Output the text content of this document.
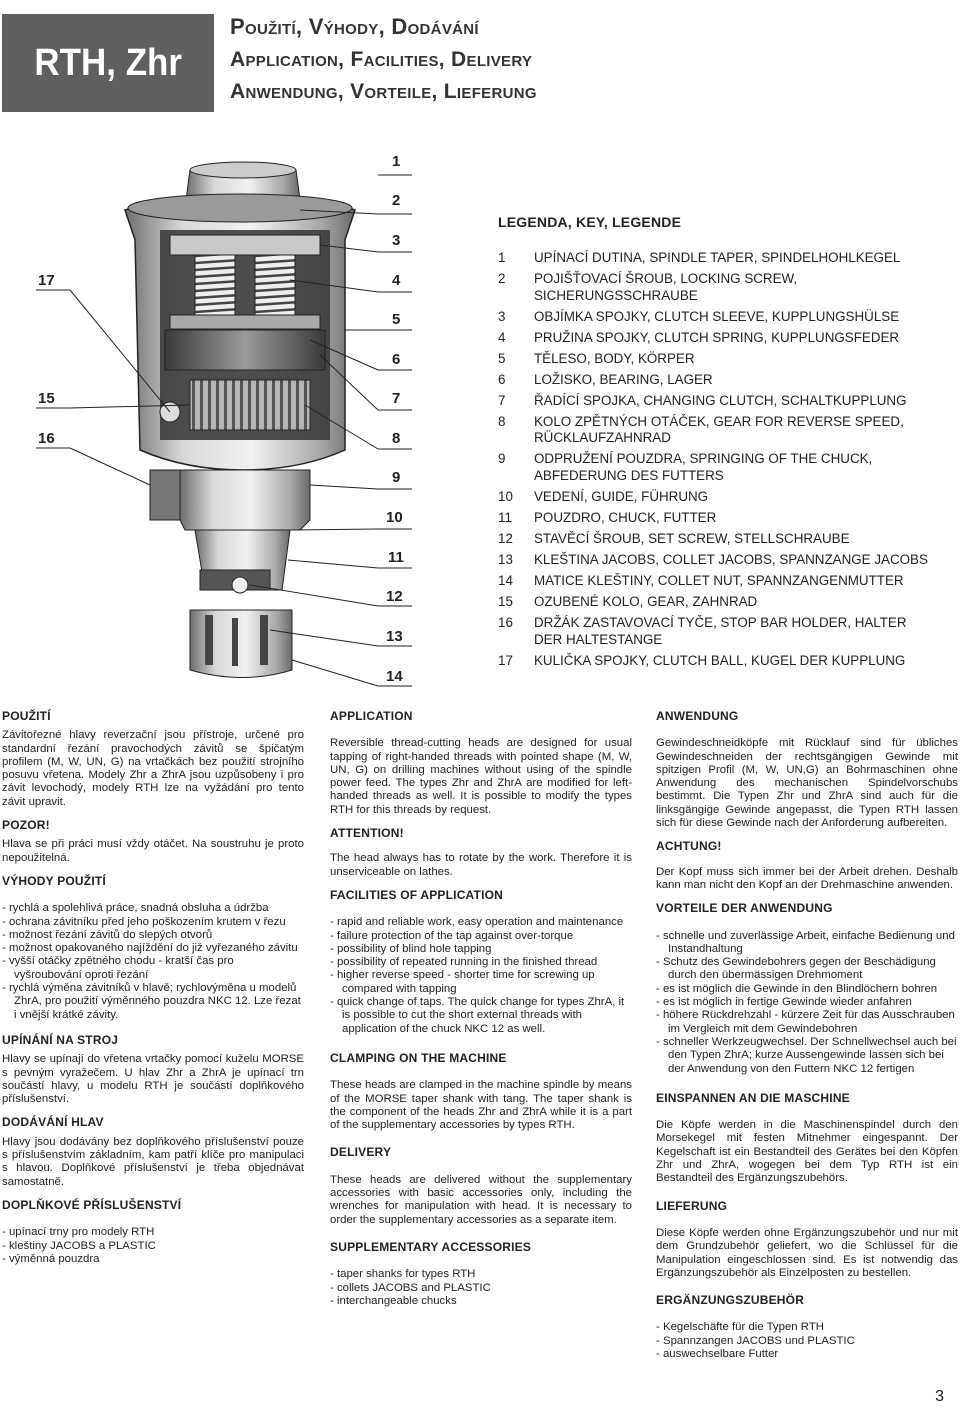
RTH, Zhr
Použití, Výhody, Dodávání
Application, Facilities, Delivery
Anwendung, Vorteile, Lieferung
1
2
3
4
5
6
7
8
9
10
11
12
13
14
17
15
16
LEGENDA, KEY, LEGENDE
1	UPÍNACÍ DUTINA, SPINDLE TAPER, SPINDELHOHLKEGEL
2	POJIŠŤOVACÍ ŠROUB, LOCKING SCREW, SICHERUNGSSCHRAUBE
3	OBJÍMKA SPOJKY, CLUTCH SLEEVE, KUPPLUNGSHÜLSE
4	PRUŽINA SPOJKY, CLUTCH SPRING, KUPPLUNGSFEDER
5	TĚLESO, BODY, KÖRPER
6	LOŽISKO, BEARING, LAGER
7	ŘADÍCÍ SPOJKA, CHANGING CLUTCH, SCHALTKUPPLUNG
8	KOLO ZPĚTNÝCH OTÁČEK, GEAR FOR REVERSE SPEED, RÜCKLAUFZAHNRAD
9	ODPRUŽENÍ POUZDRA, SPRINGING OF THE CHUCK, ABFEDERUNG DES FUTTERS
10	VEDENÍ, GUIDE, FÜHRUNG
11	POUZDRO, CHUCK, FUTTER
12	STAVĚCÍ ŠROUB, SET SCREW, STELLSCHRAUBE
13	KLEŠTINA JACOBS, COLLET JACOBS, SPANNZANGE JACOBS
14	MATICE KLEŠTINY, COLLET NUT, SPANNZANGENMUTTER
15	OZUBENÉ KOLO, GEAR, ZAHNRAD
16	DRŽÁK ZASTAVOVACÍ TYČE, STOP BAR HOLDER, HALTER DER HALTESTANGE
17	KULIČKA SPOJKY, CLUTCH BALL, KUGEL DER KUPPLUNG
POUŽITÍ

Závitořezné hlavy reverzační jsou přístroje, určené pro standardní řezání pravochodých závitů se špičatým profilem (M, W, UN, G) na vrtačkách bez použití strojního posuvu vřetena. Modely Zhr a ZhrA jsou uzpůsobeny i pro závit levochodý, modely RTH lze na vyžádání pro tento závit upravit.

POZOR!

Hlava se při práci musí vždy otáčet. Na soustruhu je proto nepoužitelná.

VÝHODY POUŽITÍ
- rychlá a spolehlivá práce, snadná obsluha a údržba
- ochrana závitníku před jeho poškozením krutem v řezu
- možnost řezání závitů do slepých otvorů
- možnost opakovaného najíždění do již vyřezaného závitu
- vyšší otáčky zpětného chodu - kratší čas pro vyšroubování oproti řezání
- rychlá výměna závitníků v hlavě; rychlovýměna u modelů ZhrA, pro použití výměnného pouzdra NKC 12. Lze řezat i vnější krátké závity.
UPÍNÁNÍ NA STROJ

Hlavy se upínají do vřetena vrtačky pomocí kuželu MORSE s pevným vyražečem. U hlav Zhr a ZhrA je upínací trn součástí hlavy, u modelu RTH je součástí doplňkového příslušenství.

DODÁVÁNÍ HLAV

Hlavy jsou dodávány bez doplňkového příslušenství pouze s příslušenstvím základním, kam patří klíče pro manipulaci s hlavou. Doplňkové příslušenství je třeba objednávat samostatně.

DOPLŇKOVÉ PŘÍSLUŠENSTVÍ
- upínací trny pro modely RTH
- kleštiny JACOBS a PLASTIC
- výměnná pouzdra
APPLICATION

Reversible thread-cutting heads are designed for usual tapping of right-handed threads with pointed shape (M, W, UN, G) on drilling machines without using of the spindle power feed. The types Zhr and ZhrA are modified for left-handed threads as well. It is possible to modify the types RTH for this threads by request.

ATTENTION!

The head always has to rotate by the work. Therefore it is unserviceable on lathes.

FACILITIES OF APPLICATION
- rapid and reliable work, easy operation and maintenance
- failure protection of the tap against over-torque
- possibility of blind hole tapping
- possibility of repeated running in the finished thread
- higher reverse speed - shorter time for screwing up compared with tapping
- quick change of taps. The quick change for types ZhrA, it is possible to cut the short external threads with application of the chuck NKC 12 as well.
CLAMPING ON THE MACHINE

These heads are clamped in the machine spindle by means of the MORSE taper shank with tang. The taper shank is the component of the heads Zhr and ZhrA while it is a part of the supplementary accessories by types RTH.

DELIVERY

These heads are delivered without the supplementary accessories with basic accessories only, including the wrenches for manipulation with head. It is necessary to order the supplementary accessories as a separate item.

SUPPLEMENTARY ACCESSORIES
- taper shanks for types RTH
- collets JACOBS and PLASTIC
- interchangeable chucks
ANWENDUNG

Gewindeschneidköpfe mit Rücklauf sind für übliches Gewindeschneiden der rechtsgängigen Gewinde mit spitzigen Profil (M, W, UN,G) an Bohrmaschinen ohne Anwendung des mechanischen Spindelvorschubs bestimmt. Die Typen Zhr und ZhrA sind auch für die linksgängige Gewinde angepasst, die Typen RTH lassen sich für diese Gewinde nach der Anforderung aufbereiten.

ACHTUNG!

Der Kopf muss sich immer bei der Arbeit drehen. Deshalb kann man nicht den Kopf an der Drehmaschine anwenden.

VORTEILE DER ANWENDUNG
- schnelle und zuverlässige Arbeit, einfache Bedienung und Instandhaltung
- Schutz des Gewindebohrers gegen der Beschädigung durch den übermässigen Drehmoment
- es ist möglich die Gewinde in den Blindlöchern bohren
- es ist möglich in fertige Gewinde wieder anfahren
- höhere Rückdrehzahl - kürzere Zeit für das Ausschrauben im Vergleich mit dem Gewindebohren
- schneller Werkzeugwechsel. Der Schnellwechsel auch bei den Typen ZhrA; kurze Aussengewinde lassen sich bei der Anwendung von den Futtern NKC 12 fertigen
EINSPANNEN AN DIE MASCHINE

Die Köpfe werden in die Maschinenspindel durch den Morsekegel mit festen Mitnehmer eingespannt. Der Kegelschaft ist ein Bestandteil des Gerätes bei den Köpfen Zhr und ZhrA, wogegen bei dem Typ RTH ist ein Bestandteil des Ergänzungszubehörs.

LIEFERUNG

Diese Köpfe werden ohne Ergänzungszubehör und nur mit dem Grundzubehör geliefert, wo die Schlüssel für die Manipulation eingeschlossen sind. Es ist notwendig das Ergänzungszubehör als Einzelposten zu bestellen.

ERGÄNZUNGSZUBEHÖR
- Kegelschäfte für die Typen RTH
- Spannzangen JACOBS und PLASTIC
- auswechselbare Futter
3
